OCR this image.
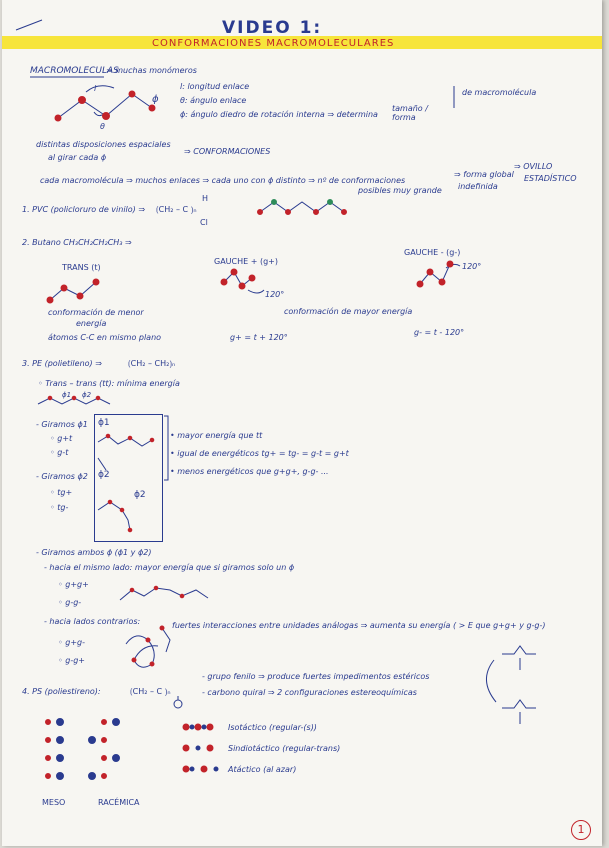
VIDEO 1:
CONFORMACIONES MACROMOLECULARES
MACROMOLECULAS
= muchas monómeros
l: longitud enlace
θ: ángulo enlace
ϕ: ángulo diedro de rotación interna ⇒ determina
tamaño / forma
de macromolécula
l
θ
ϕ
distintas disposiciones espaciales
al girar cada ϕ
⇒ CONFORMACIONES
cada macromolécula ⇒ muchos enlaces ⇒ cada uno con ϕ distinto ⇒ nº de conformaciones
posibles muy grande
⇒ forma global
indefinida
⇒ OVILLO
ESTADÍSTICO
1. PVC (policloruro de vinilo) ⇒ ⟮CH₂ – C ⟯ₙ
H
Cl
2. Butano CH₃CH₂CH₂CH₃ ⇒
TRANS (t)
GAUCHE + (g+)
GAUCHE - (g-)
120°
120°
conformación de menor
energía
átomos C-C en mismo plano	g+ = t + 120°
conformación de mayor energía
g- = t - 120°
3. PE (polietileno) ⇒	⟮CH₂ – CH₂⟯ₙ
◦ Trans – trans (tt): mínima energía
ϕ1 ϕ2
- Giramos ϕ1 ϕ1
◦ g+t
◦ g-t
- Giramos ϕ2 ϕ2
ϕ2
◦ tg+
◦ tg-
• mayor energía que tt
• igual de energéticos tg+ = tg- = g-t = g+t
• menos energéticos que g+g+, g-g- ...
- Giramos ambos ϕ (ϕ1 y ϕ2)
- hacia el mismo lado: mayor energía que si giramos solo un ϕ
◦ g+g+
◦ g-g-
- hacia lados contrarios:
◦ g+g-
◦ g-g+
fuertes interacciones entre unidades análogas ⇒ aumenta su energía ( > E que g+g+ y g-g-)
4. PS (poliestireno):	⟮CH₂ – C ⟯ₙ
- grupo fenilo ⇒ produce fuertes impedimentos estéricos
- carbono quiral ⇒ 2 configuraciones estereoquímicas
Isotáctico (regular-(s))
Sindiotáctico (regular-trans)
Atáctico (al azar)
MESO	RACÉMICA
1
